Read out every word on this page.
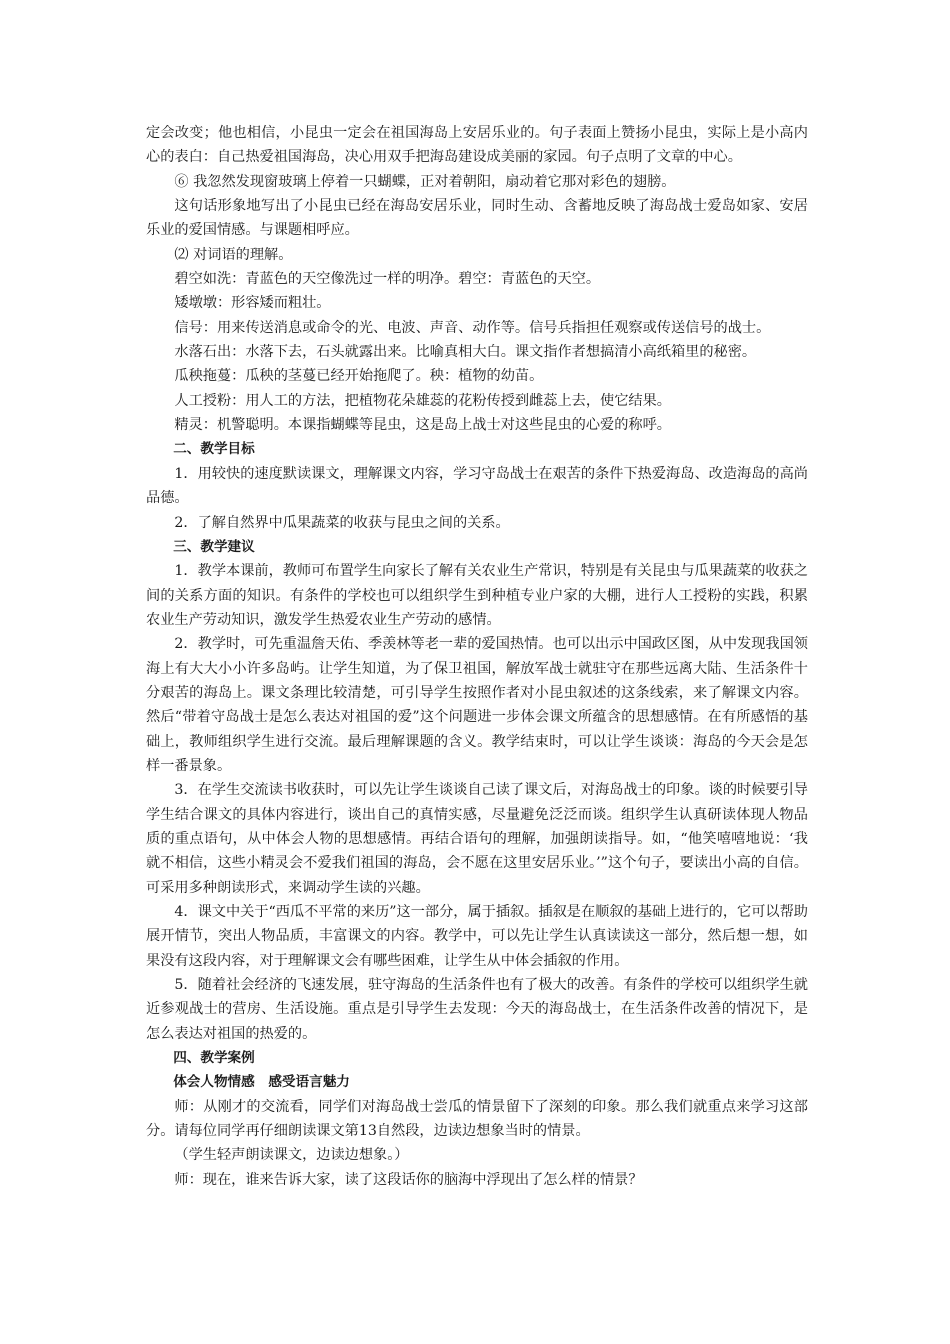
定会改变；他也相信，小昆虫一定会在祖国海岛上安居乐业的。句子表面上赞扬小昆虫，实际上是小高内心的表白：自己热爱祖国海岛，决心用双手把海岛建设成美丽的家园。句子点明了文章的中心。

⑥ 我忽然发现窗玻璃上停着一只蝴蝶，正对着朝阳，扇动着它那对彩色的翅膀。

这句话形象地写出了小昆虫已经在海岛安居乐业，同时生动、含蓄地反映了海岛战士爱岛如家、安居乐业的爱国情感。与课题相呼应。

⑵ 对词语的理解。

碧空如洗：青蓝色的天空像洗过一样的明净。碧空：青蓝色的天空。

矮墩墩：形容矮而粗壮。

信号：用来传送消息或命令的光、电波、声音、动作等。信号兵指担任观察或传送信号的战士。

水落石出：水落下去，石头就露出来。比喻真相大白。课文指作者想搞清小高纸箱里的秘密。

瓜秧拖蔓：瓜秧的茎蔓已经开始拖爬了。秧：植物的幼苗。

人工授粉：用人工的方法，把植物花朵雄蕊的花粉传授到雌蕊上去，使它结果。

精灵：机警聪明。本课指蝴蝶等昆虫，这是岛上战士对这些昆虫的心爱的称呼。

二、教学目标

1．用较快的速度默读课文，理解课文内容，学习守岛战士在艰苦的条件下热爱海岛、改造海岛的高尚品德。

2．了解自然界中瓜果蔬菜的收获与昆虫之间的关系。

三、教学建议

1．教学本课前，教师可布置学生向家长了解有关农业生产常识，特别是有关昆虫与瓜果蔬菜的收获之间的关系方面的知识。有条件的学校也可以组织学生到种植专业户家的大棚，进行人工授粉的实践，积累农业生产劳动知识，激发学生热爱农业生产劳动的感情。

2．教学时，可先重温詹天佑、季羡林等老一辈的爱国热情。也可以出示中国政区图，从中发现我国领海上有大大小小许多岛屿。让学生知道，为了保卫祖国，解放军战士就驻守在那些远离大陆、生活条件十分艰苦的海岛上。课文条理比较清楚，可引导学生按照作者对小昆虫叙述的这条线索，来了解课文内容。然后“带着守岛战士是怎么表达对祖国的爱”这个问题进一步体会课文所蕴含的思想感情。在有所感悟的基础上，教师组织学生进行交流。最后理解课题的含义。教学结束时，可以让学生谈谈：海岛的今天会是怎样一番景象。

3．在学生交流读书收获时，可以先让学生谈谈自己读了课文后，对海岛战士的印象。谈的时候要引导学生结合课文的具体内容进行，谈出自己的真情实感，尽量避免泛泛而谈。组织学生认真研读体现人物品质的重点语句，从中体会人物的思想感情。再结合语句的理解，加强朗读指导。如，“他笑嘻嘻地说：‘我就不相信，这些小精灵会不爱我们祖国的海岛，会不愿在这里安居乐业。’”这个句子，要读出小高的自信。可采用多种朗读形式，来调动学生读的兴趣。

4．课文中关于“西瓜不平常的来历”这一部分，属于插叙。插叙是在顺叙的基础上进行的，它可以帮助展开情节，突出人物品质，丰富课文的内容。教学中，可以先让学生认真读读这一部分，然后想一想，如果没有这段内容，对于理解课文会有哪些困难，让学生从中体会插叙的作用。

5．随着社会经济的飞速发展，驻守海岛的生活条件也有了极大的改善。有条件的学校可以组织学生就近参观战士的营房、生活设施。重点是引导学生去发现：今天的海岛战士，在生活条件改善的情况下，是怎么表达对祖国的热爱的。

四、教学案例

体会人物情感　感受语言魅力

师：从刚才的交流看，同学们对海岛战士尝瓜的情景留下了深刻的印象。那么我们就重点来学习这部分。请每位同学再仔细朗读课文第13自然段，边读边想象当时的情景。

（学生轻声朗读课文，边读边想象。）

师：现在，谁来告诉大家，读了这段话你的脑海中浮现出了怎么样的情景？
